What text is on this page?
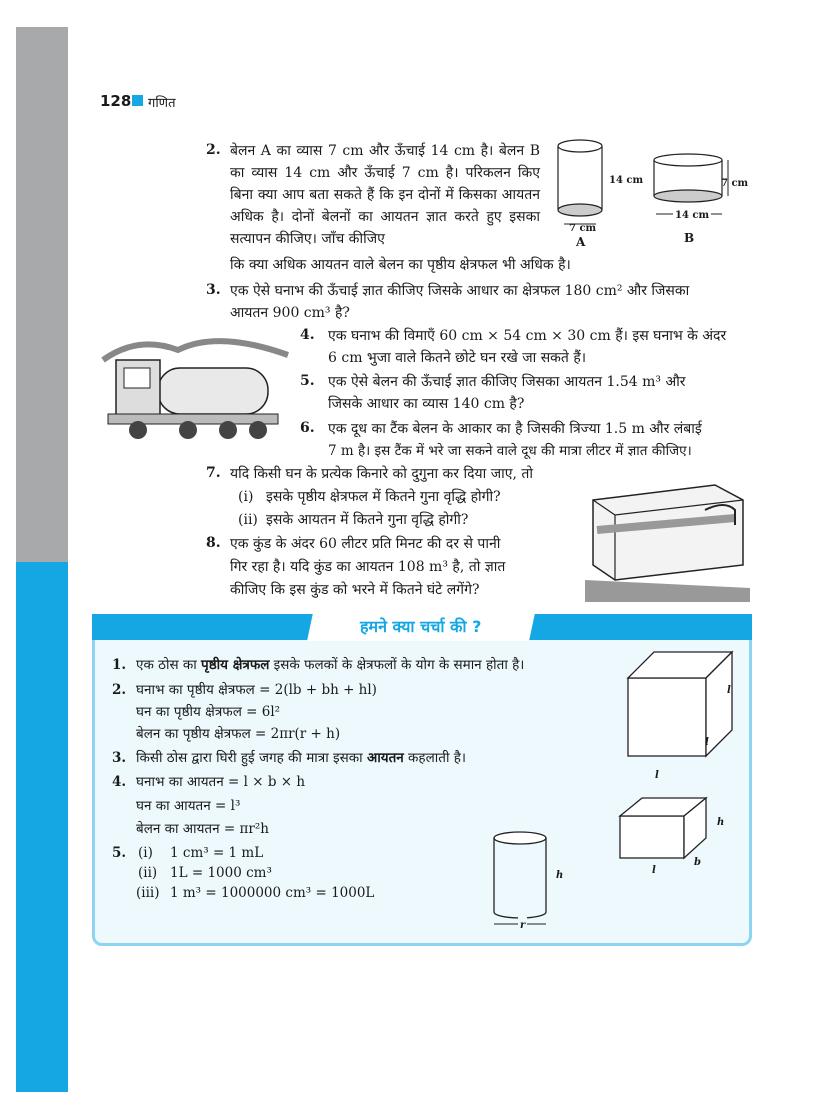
128 गणित
2. बेलन A का व्यास 7 cm और ऊँचाई 14 cm है। बेलन B का व्यास 14 cm और ऊँचाई 7 cm है। परिकलन किए बिना क्या आप बता सकते हैं कि इन दोनों में किसका आयतन अधिक है। दोनों बेलनों का आयतन ज्ञात करते हुए इसका सत्यापन कीजिए। जाँच कीजिए

कि क्या अधिक आयतन वाले बेलन का पृष्ठीय क्षेत्रफल भी अधिक है।

14 cm
7 cm
A
7 cm
14 cm
B
3. एक ऐसे घनाभ की ऊँचाई ज्ञात कीजिए जिसके आधार का क्षेत्रफल 180 cm² और जिसका

आयतन 900 cm³ है?

4. एक घनाभ की विमाएँ 60 cm × 54 cm × 30 cm हैं। इस घनाभ के अंदर

6 cm भुजा वाले कितने छोटे घन रखे जा सकते हैं।

5. एक ऐसे बेलन की ऊँचाई ज्ञात कीजिए जिसका आयतन 1.54 m³ और

जिसके आधार का व्यास 140 cm है?

6. एक दूध का टैंक बेलन के आकार का है जिसकी त्रिज्या 1.5 m और लंबाई

7 m है। इस टैंक में भरे जा सकने वाले दूध की मात्रा लीटर में ज्ञात कीजिए।

7. यदि किसी घन के प्रत्येक किनारे को दुगुना कर दिया जाए, तो

(i) इसके पृष्ठीय क्षेत्रफल में कितने गुना वृद्धि होगी?

(ii) इसके आयतन में कितने गुना वृद्धि होगी?

8. एक कुंड के अंदर 60 लीटर प्रति मिनट की दर से पानी

गिर रहा है। यदि कुंड का आयतन 108 m³ है, तो ज्ञात

कीजिए कि इस कुंड को भरने में कितने घंटे लगेंगे?

हमने क्या चर्चा की ?
1. एक ठोस का पृष्ठीय क्षेत्रफल इसके फलकों के क्षेत्रफलों के योग के समान होता है।
2. घनाभ का पृष्ठीय क्षेत्रफल = 2(lb + bh + hl)
घन का पृष्ठीय क्षेत्रफल = 6l²
बेलन का पृष्ठीय क्षेत्रफल = 2πr(r + h)
3. किसी ठोस द्वारा घिरी हुई जगह की मात्रा इसका आयतन कहलाती है।
4. घनाभ का आयतन = l × b × h
घन का आयतन = l³
बेलन का आयतन = πr²h
5. (i) 1 cm³ = 1 mL
(ii) 1L = 1000 cm³
(iii) 1 m³ = 1000000 cm³ = 1000L
l
l
l
h
l
b
h
r
